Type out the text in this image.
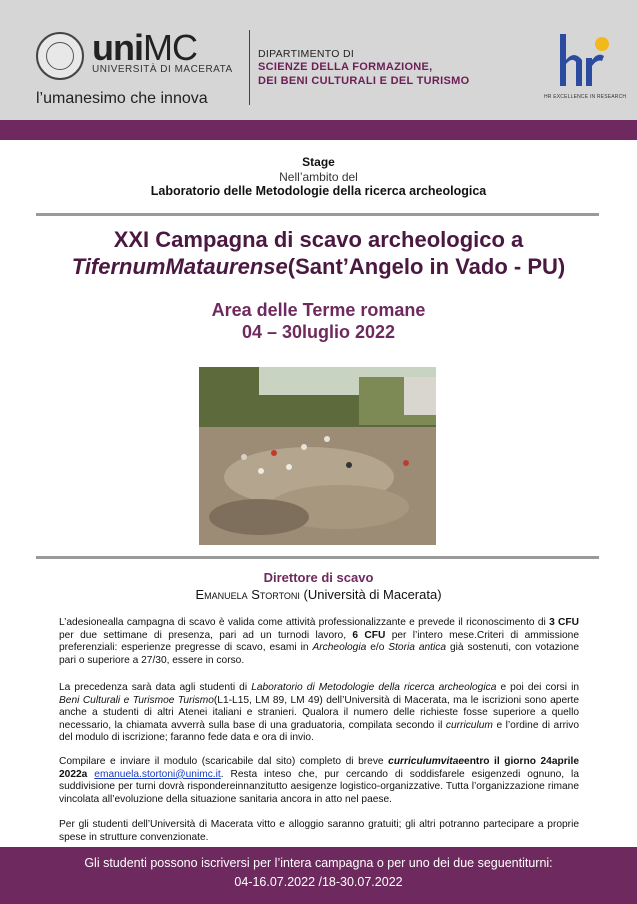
uniMC
UNIVERSITÀ DI MACERATA
l’umanesimo che innova
DIPARTIMENTO DI
SCIENZE DELLA FORMAZIONE,
DEI BENI CULTURALI E DEL TURISMO
HR EXCELLENCE IN RESEARCH
Stage
Nell’ambito del
Laboratorio delle Metodologie della ricerca archeologica
XXI Campagna di scavo archeologico a
TifernumMataurense(Sant’Angelo in Vado - PU)
Area delle Terme romane
04 – 30luglio 2022
Direttore di scavo
Emanuela Stortoni (Università di Macerata)
L’adesionealla campagna di scavo è valida come attività professionalizzante e prevede il riconoscimento di 3 CFU per due settimane di presenza, pari ad un turnodi lavoro, 6 CFU per l’intero mese.Criteri di ammissione preferenziali: esperienze pregresse di scavo, esami in Archeologia e/o Storia antica già sostenuti, con votazione pari o superiore a 27/30, essere in corso.
La precedenza sarà data agli studenti di Laboratorio di Metodologie della ricerca archeologica e poi dei corsi in Beni Culturali e Turismoe Turismo(L1-L15, LM 89, LM 49) dell’Università di Macerata, ma le iscrizioni sono aperte anche a studenti di altri Atenei italiani e stranieri. Qualora il numero delle richieste fosse superiore a quello necessario, la chiamata avverrà sulla base di una graduatoria, compilata secondo il curriculum e l’ordine di arrivo del modulo di iscrizione; faranno fede data e ora di invio.
Compilare e inviare il modulo (scaricabile dal sito) completo di breve curriculumvitaeentro il giorno 24aprile 2022a emanuela.stortoni@unimc.it. Resta inteso che, pur cercando di soddisfarele esigenzedi ognuno, la suddivisione per turni dovrà rispondereinnanzitutto aesigenze logistico-organizzative. Tutta l’organizzazione rimane vincolata all’evoluzione della situazione sanitaria ancora in atto nel paese.
Per gli studenti dell’Università di Macerata vitto e alloggio saranno gratuiti; gli altri potranno partecipare a proprie spese in strutture convenzionate.
Gli studenti possono iscriversi per l’intera campagna o per uno dei due seguentiturni:
04-16.07.2022 /18-30.07.2022
